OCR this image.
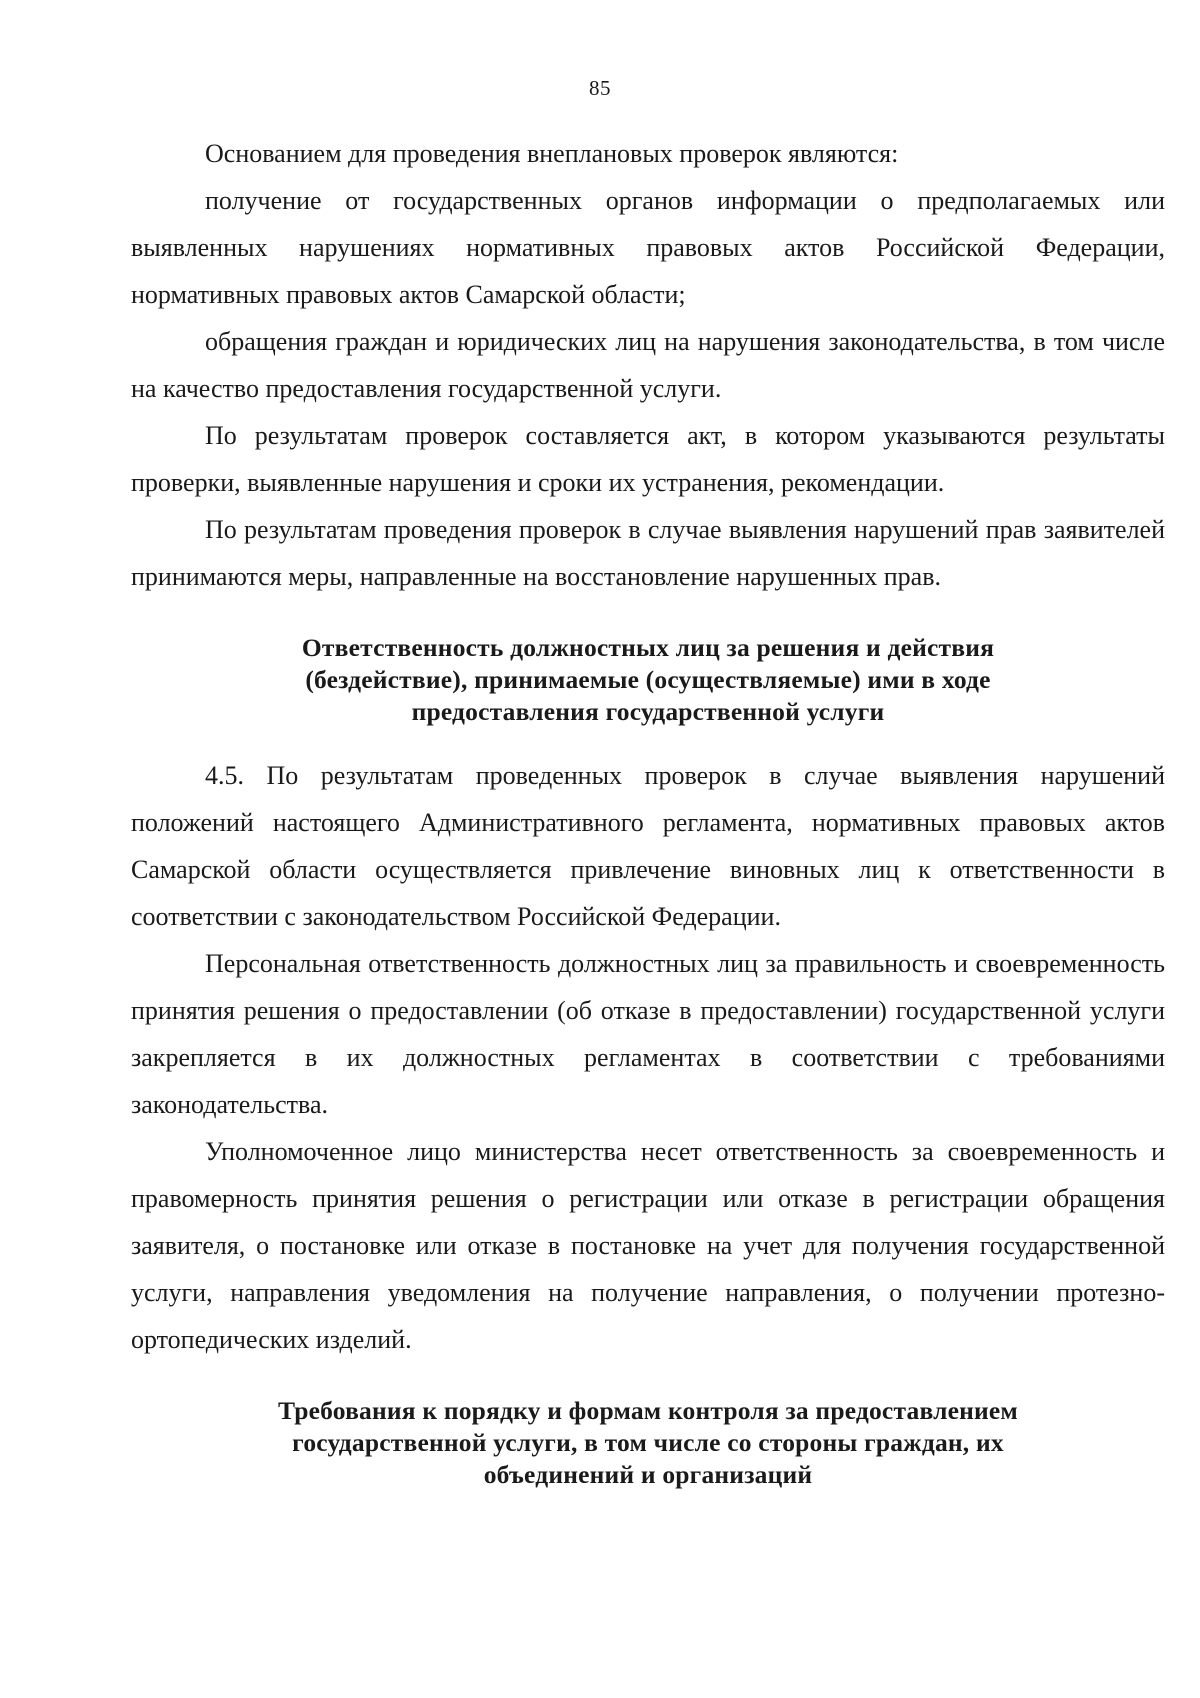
85

Основанием для проведения внеплановых проверок являются:

получение от государственных органов информации о предполагаемых или выявленных нарушениях нормативных правовых актов Российской Федерации, нормативных правовых актов Самарской области;

обращения граждан и юридических лиц на нарушения законодательства, в том числе на качество предоставления государственной услуги.

По результатам проверок составляется акт, в котором указываются результаты проверки, выявленные нарушения и сроки их устранения, рекомендации.

По результатам проведения проверок в случае выявления нарушений прав заявителей принимаются меры, направленные на восстановление нарушенных прав.

Ответственность должностных лиц за решения и действия
(бездействие), принимаемые (осуществляемые) ими в ходе
предоставления государственной услуги

4.5. По результатам проведенных проверок в случае выявления нарушений положений настоящего Административного регламента, нормативных правовых актов Самарской области осуществляется привлечение виновных лиц к ответственности в соответствии с законодательством Российской Федерации.

Персональная ответственность должностных лиц за правильность и своевременность принятия решения о предоставлении (об отказе в предоставлении) государственной услуги закрепляется в их должностных регламентах в соответствии с требованиями законодательства.

Уполномоченное лицо министерства несет ответственность за своевременность и правомерность принятия решения о регистрации или отказе в регистрации обращения заявителя, о постановке или отказе в постановке на учет для получения государственной услуги, направления уведомления на получение направления, о получении протезно-ортопедических изделий.

Требования к порядку и формам контроля за предоставлением
государственной услуги, в том числе со стороны граждан, их
объединений и организаций
